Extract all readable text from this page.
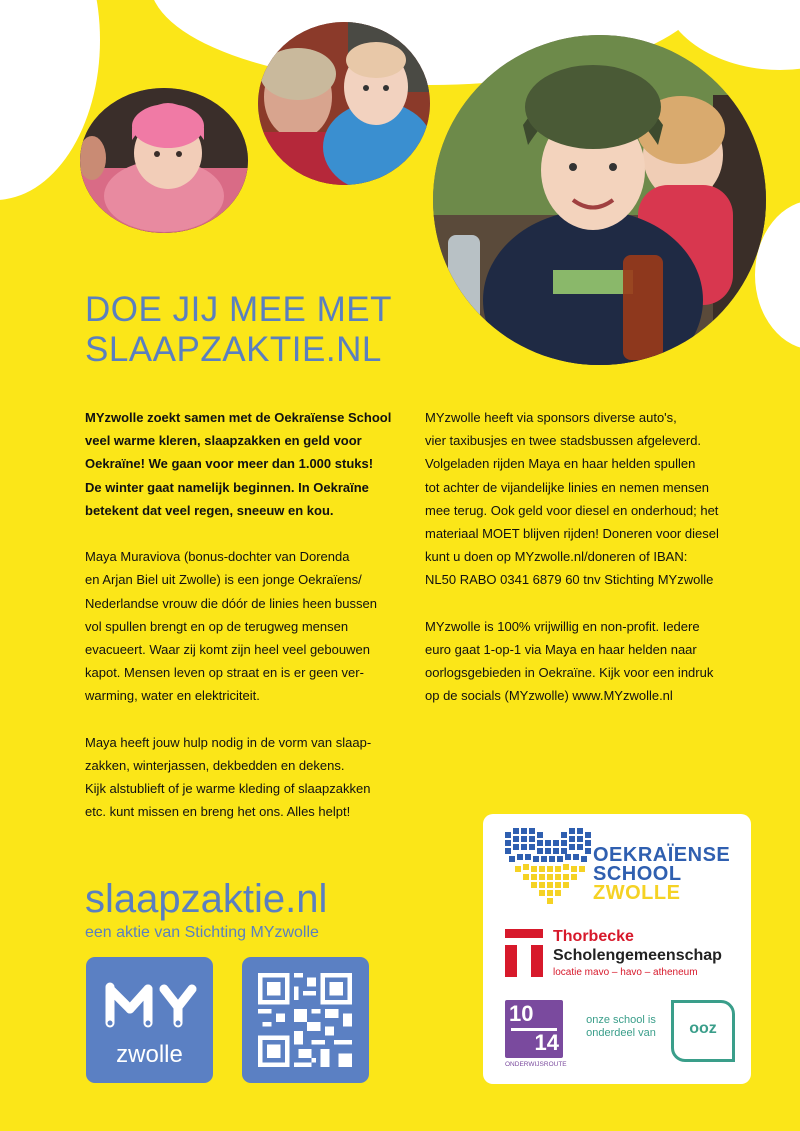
DOE JIJ MEE MET
SLAAPZAKTIE.NL

MYzwolle zoekt samen met de Oekraïense School
veel warme kleren, slaapzakken en geld voor
Oekraïne! We gaan voor meer dan 1.000 stuks!
De winter gaat namelijk beginnen. In Oekraïne
betekent dat veel regen, sneeuw en kou.

Maya Muraviova (bonus-dochter van Dorenda
en Arjan Biel uit Zwolle) is een jonge Oekraïens/
Nederlandse vrouw die dóór de linies heen bussen
vol spullen brengt en op de terugweg mensen
evacueert. Waar zij komt zijn heel veel gebouwen
kapot. Mensen leven op straat en is er geen ver-
warming, water en elektriciteit.

Maya heeft jouw hulp nodig in de vorm van slaap-
zakken, winterjassen, dekbedden en dekens.
Kijk alstublieft of je warme kleding of slaapzakken
etc. kunt missen en breng het ons. Alles helpt!

MYzwolle heeft via sponsors diverse auto's,
vier taxibusjes en twee stadsbussen afgeleverd.
Volgeladen rijden Maya en haar helden spullen
tot achter de vijandelijke linies en nemen mensen
mee terug. Ook geld voor diesel en onderhoud; het
materiaal MOET blijven rijden! Doneren voor diesel
kunt u doen op MYzwolle.nl/doneren of IBAN:
NL50 RABO 0341 6879 60 tnv Stichting MYzwolle

MYzwolle is 100% vrijwillig en non-profit. Iedere
euro gaat 1-op-1 via Maya en haar helden naar
oorlogsgebieden in Oekraïne. Kijk voor een indruk
op de socials (MYzwolle) www.MYzwolle.nl

slaapzaktie.nl
een aktie van Stichting MYzwolle
zwolle
OEKRAÏENSE
SCHOOL
ZWOLLE
Thorbecke
Scholengemeenschap
locatie mavo – havo – atheneum
10
14
ONDERWIJSROUTE
onze school is onderdeel van	ooz
